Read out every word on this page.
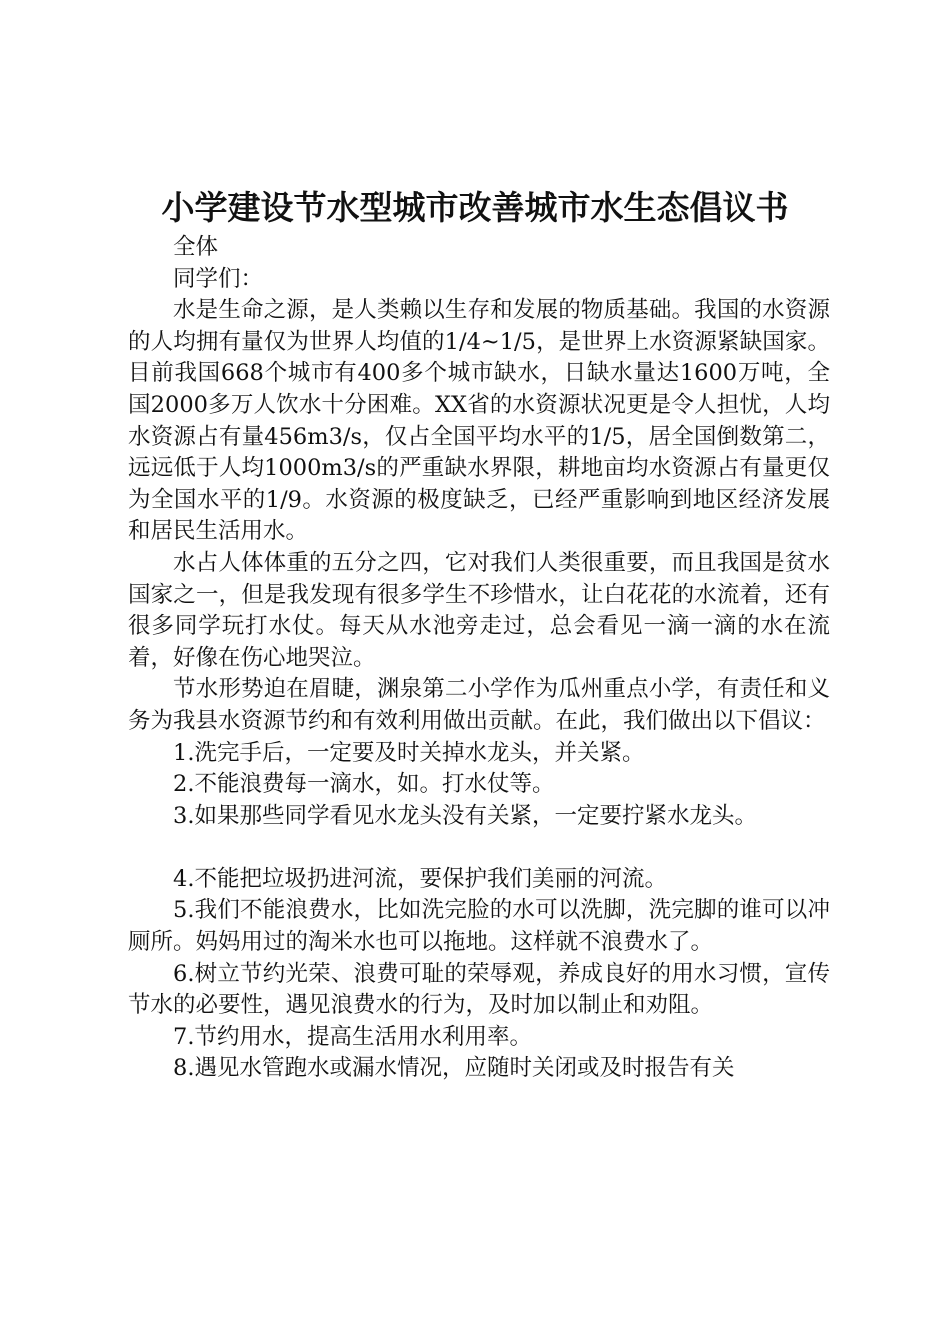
小学建设节水型城市改善城市水生态倡议书

全体

同学们：

水是生命之源，是人类赖以生存和发展的物质基础。我国的水资源的人均拥有量仅为世界人均值的1/4~1/5，是世界上水资源紧缺国家。目前我国668个城市有400多个城市缺水，日缺水量达1600万吨，全国2000多万人饮水十分困难。XX省的水资源状况更是令人担忧，人均水资源占有量456m3/s，仅占全国平均水平的1/5，居全国倒数第二，远远低于人均1000m3/s的严重缺水界限，耕地亩均水资源占有量更仅为全国水平的1/9。水资源的极度缺乏，已经严重影响到地区经济发展和居民生活用水。

水占人体体重的五分之四，它对我们人类很重要，而且我国是贫水国家之一，但是我发现有很多学生不珍惜水，让白花花的水流着，还有很多同学玩打水仗。每天从水池旁走过，总会看见一滴一滴的水在流着，好像在伤心地哭泣。

节水形势迫在眉睫，渊泉第二小学作为瓜州重点小学，有责任和义务为我县水资源节约和有效利用做出贡献。在此，我们做出以下倡议：

1.洗完手后，一定要及时关掉水龙头，并关紧。

2.不能浪费每一滴水，如。打水仗等。

3.如果那些同学看见水龙头没有关紧，一定要拧紧水龙头。

4.不能把垃圾扔进河流，要保护我们美丽的河流。

5.我们不能浪费水，比如洗完脸的水可以洗脚，洗完脚的谁可以冲厕所。妈妈用过的淘米水也可以拖地。这样就不浪费水了。

6.树立节约光荣、浪费可耻的荣辱观，养成良好的用水习惯，宣传节水的必要性，遇见浪费水的行为，及时加以制止和劝阻。

7.节约用水，提高生活用水利用率。

8.遇见水管跑水或漏水情况，应随时关闭或及时报告有关
